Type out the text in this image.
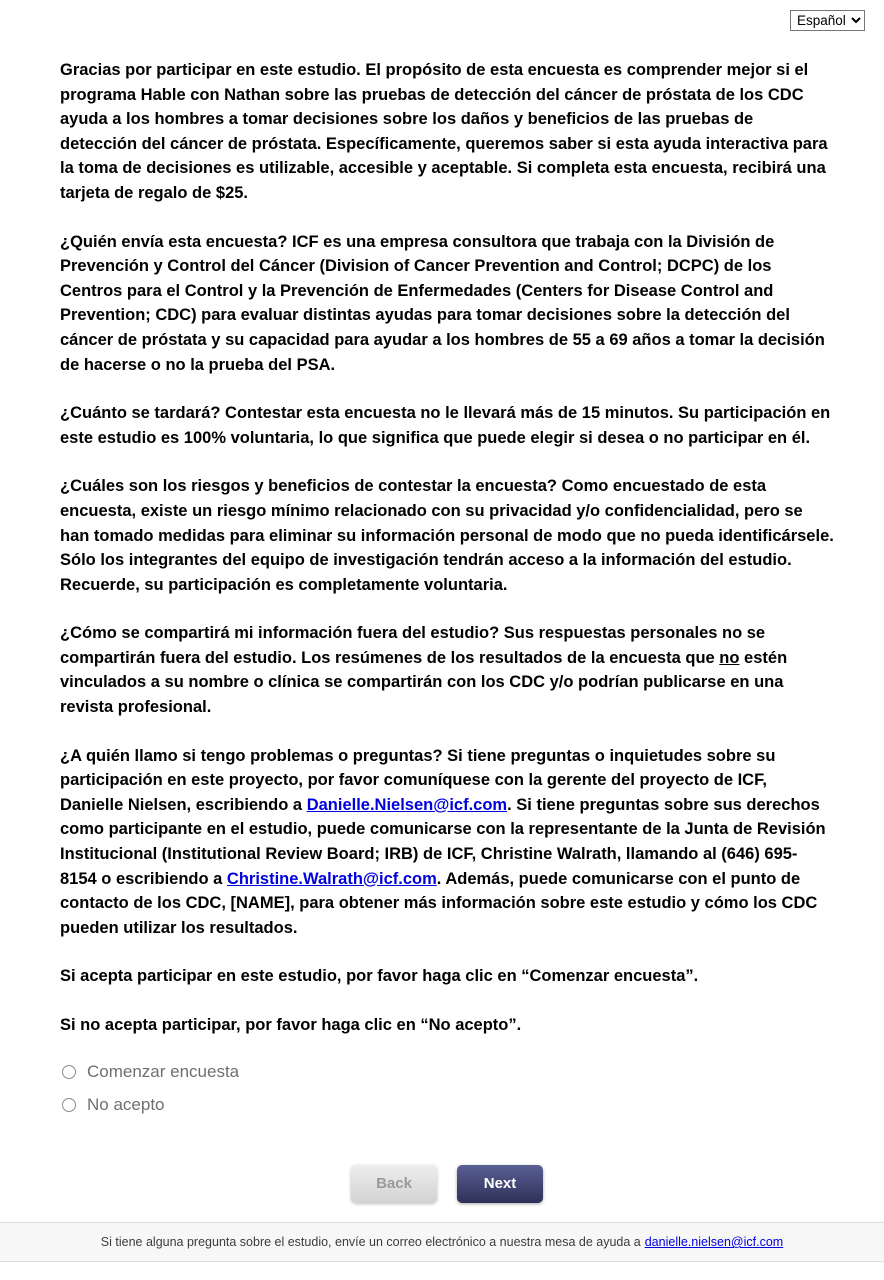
Español

Gracias por participar en este estudio. El propósito de esta encuesta es comprender mejor si el programa Hable con Nathan sobre las pruebas de detección del cáncer de próstata de los CDC ayuda a los hombres a tomar decisiones sobre los daños y beneficios de las pruebas de detección del cáncer de próstata. Específicamente, queremos saber si esta ayuda interactiva para la toma de decisiones es utilizable, accesible y aceptable. Si completa esta encuesta, recibirá una tarjeta de regalo de $25.

¿Quién envía esta encuesta? ICF es una empresa consultora que trabaja con la División de Prevención y Control del Cáncer (Division of Cancer Prevention and Control; DCPC) de los Centros para el Control y la Prevención de Enfermedades (Centers for Disease Control and Prevention; CDC) para evaluar distintas ayudas para tomar decisiones sobre la detección del cáncer de próstata y su capacidad para ayudar a los hombres de 55 a 69 años a tomar la decisión de hacerse o no la prueba del PSA.

¿Cuánto se tardará? Contestar esta encuesta no le llevará más de 15 minutos. Su participación en este estudio es 100% voluntaria, lo que significa que puede elegir si desea o no participar en él.

¿Cuáles son los riesgos y beneficios de contestar la encuesta? Como encuestado de esta encuesta, existe un riesgo mínimo relacionado con su privacidad y/o confidencialidad, pero se han tomado medidas para eliminar su información personal de modo que no pueda identificársele. Sólo los integrantes del equipo de investigación tendrán acceso a la información del estudio. Recuerde, su participación es completamente voluntaria.

¿Cómo se compartirá mi información fuera del estudio? Sus respuestas personales no se compartirán fuera del estudio. Los resúmenes de los resultados de la encuesta que no estén vinculados a su nombre o clínica se compartirán con los CDC y/o podrían publicarse en una revista profesional.

¿A quién llamo si tengo problemas o preguntas? Si tiene preguntas o inquietudes sobre su participación en este proyecto, por favor comuníquese con la gerente del proyecto de ICF, Danielle Nielsen, escribiendo a Danielle.Nielsen@icf.com. Si tiene preguntas sobre sus derechos como participante en el estudio, puede comunicarse con la representante de la Junta de Revisión Institucional (Institutional Review Board; IRB) de ICF, Christine Walrath, llamando al (646) 695-8154 o escribiendo a Christine.Walrath@icf.com. Además, puede comunicarse con el punto de contacto de los CDC, [NAME], para obtener más información sobre este estudio y cómo los CDC pueden utilizar los resultados.

Si acepta participar en este estudio, por favor haga clic en “Comenzar encuesta”.

Si no acepta participar, por favor haga clic en “No acepto”.

Comenzar encuesta
No acepto
Back	Next
Si tiene alguna pregunta sobre el estudio, envíe un correo electrónico a nuestra mesa de ayuda a danielle.nielsen@icf.com
